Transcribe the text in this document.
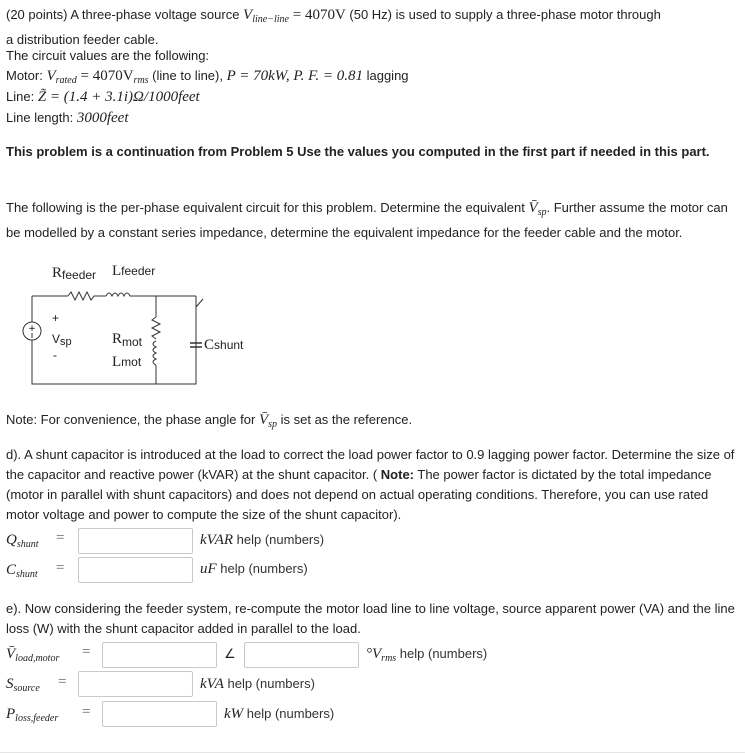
(20 points) A three-phase voltage source $V_{line-line} = 4070V$ (50 Hz) is used to supply a three-phase motor through
a distribution feeder cable.
The circuit values are the following:
Motor: $V_{rated} = 4070V_{rms}$ (line to line), P = 70kW, P. F. = 0.81 lagging
Line: Z̃ = (1.4 + 3.1i)Ω/1000feet
Line length: 3000feet
This problem is a continuation from Problem 5 Use the values you computed in the first part if needed in this part.
The following is the per-phase equivalent circuit for this problem. Determine the equivalent $V̄_{sp}$. Further assume the motor can be modelled by a constant series impedance, determine the equivalent impedance for the feeder cable and the motor.
+
Rfeeder Lfeeder
+
Vsp
-
$R_{mot}$
Lmot
Cshunt
Note: For convenience, the phase angle for $V̄_{sp}$ is set as the reference.
d). A shunt capacitor is introduced at the load to correct the load power factor to 0.9 lagging power factor. Determine the size of the capacitor and reactive power (kVAR) at the shunt capacitor. ( Note: The power factor is dictated by the total impedance (motor in parallel with shunt capacitors) and does not depend on actual operating conditions. Therefore, you can use rated motor voltage and power to compute the size of the shunt capacitor).
$Q_{shunt}$ =	kVAR help (numbers)
$C_{shunt}$ =	uF help (numbers)
e). Now considering the feeder system, re-compute the motor load line to line voltage, source apparent power (VA) and the line loss (W) with the shunt capacitor added in parallel to the load.
$V̄_{load,motor}$ =	∠	$^\circ V_{rms}$ help (numbers)
$S_{source}$ =	kVA help (numbers)
$P_{loss,feeder}$ =	kW help (numbers)
